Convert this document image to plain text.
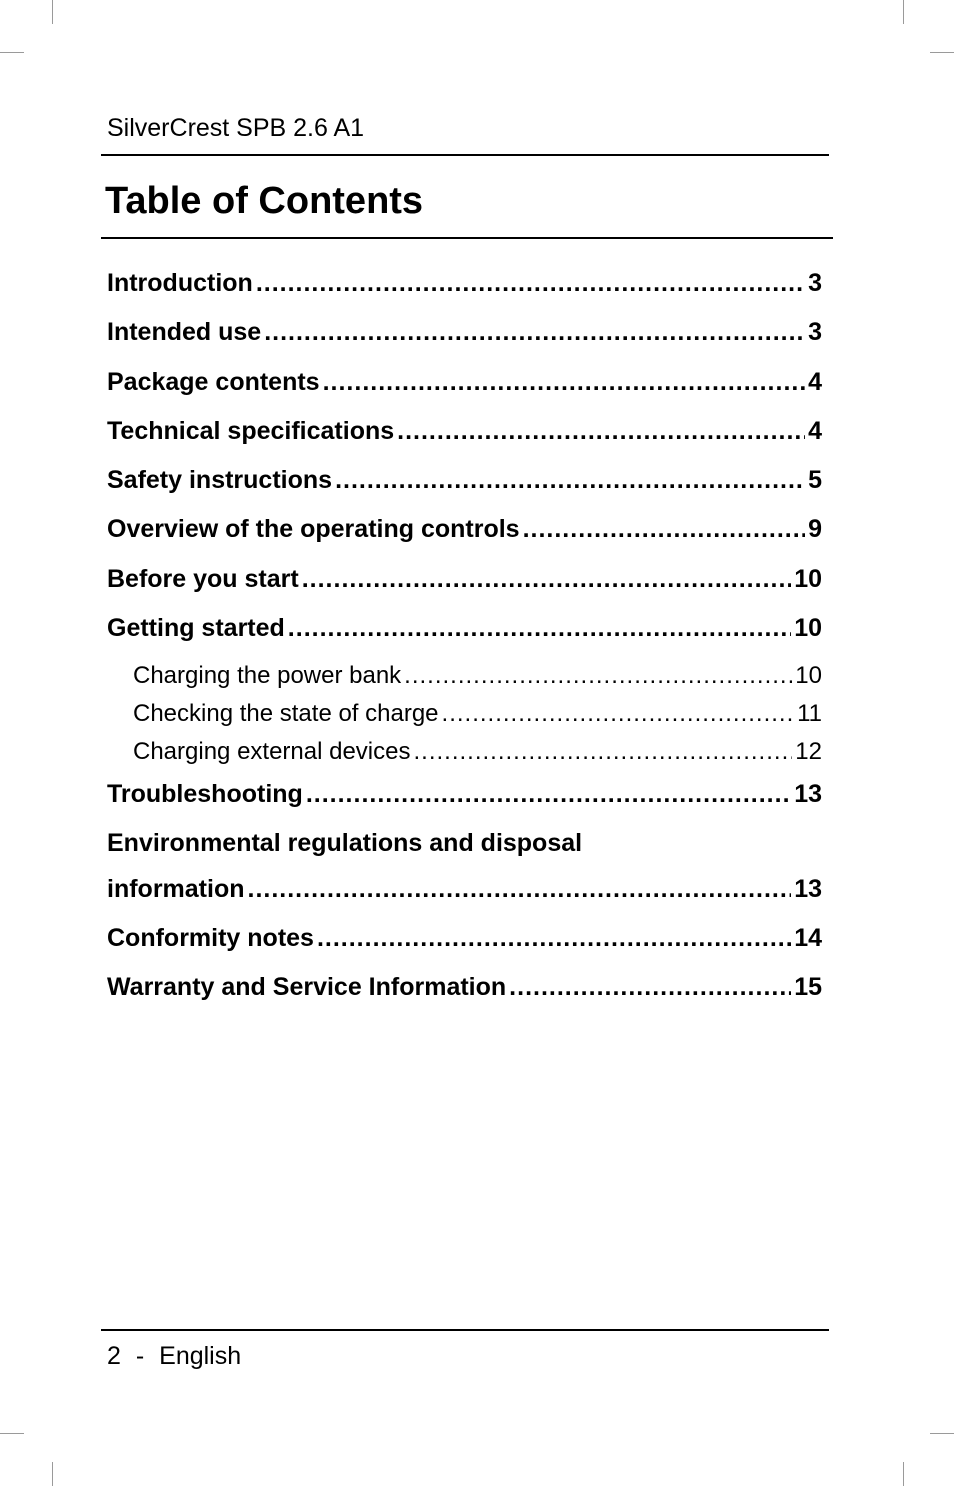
SilverCrest SPB 2.6 A1
Table of Contents
Introduction .....	3
Intended use .....	3
Package contents .....	4
Technical specifications .....	4
Safety instructions .....	5
Overview of the operating controls .....	9
Before you start .....	10
Getting started .....	10
Charging the power bank .....	10
Checking the state of charge .....	11
Charging external devices .....	12
Troubleshooting .....	13
Environmental regulations and disposal
information .....	13
Conformity notes .....	14
Warranty and Service Information .....	15
2 - English
